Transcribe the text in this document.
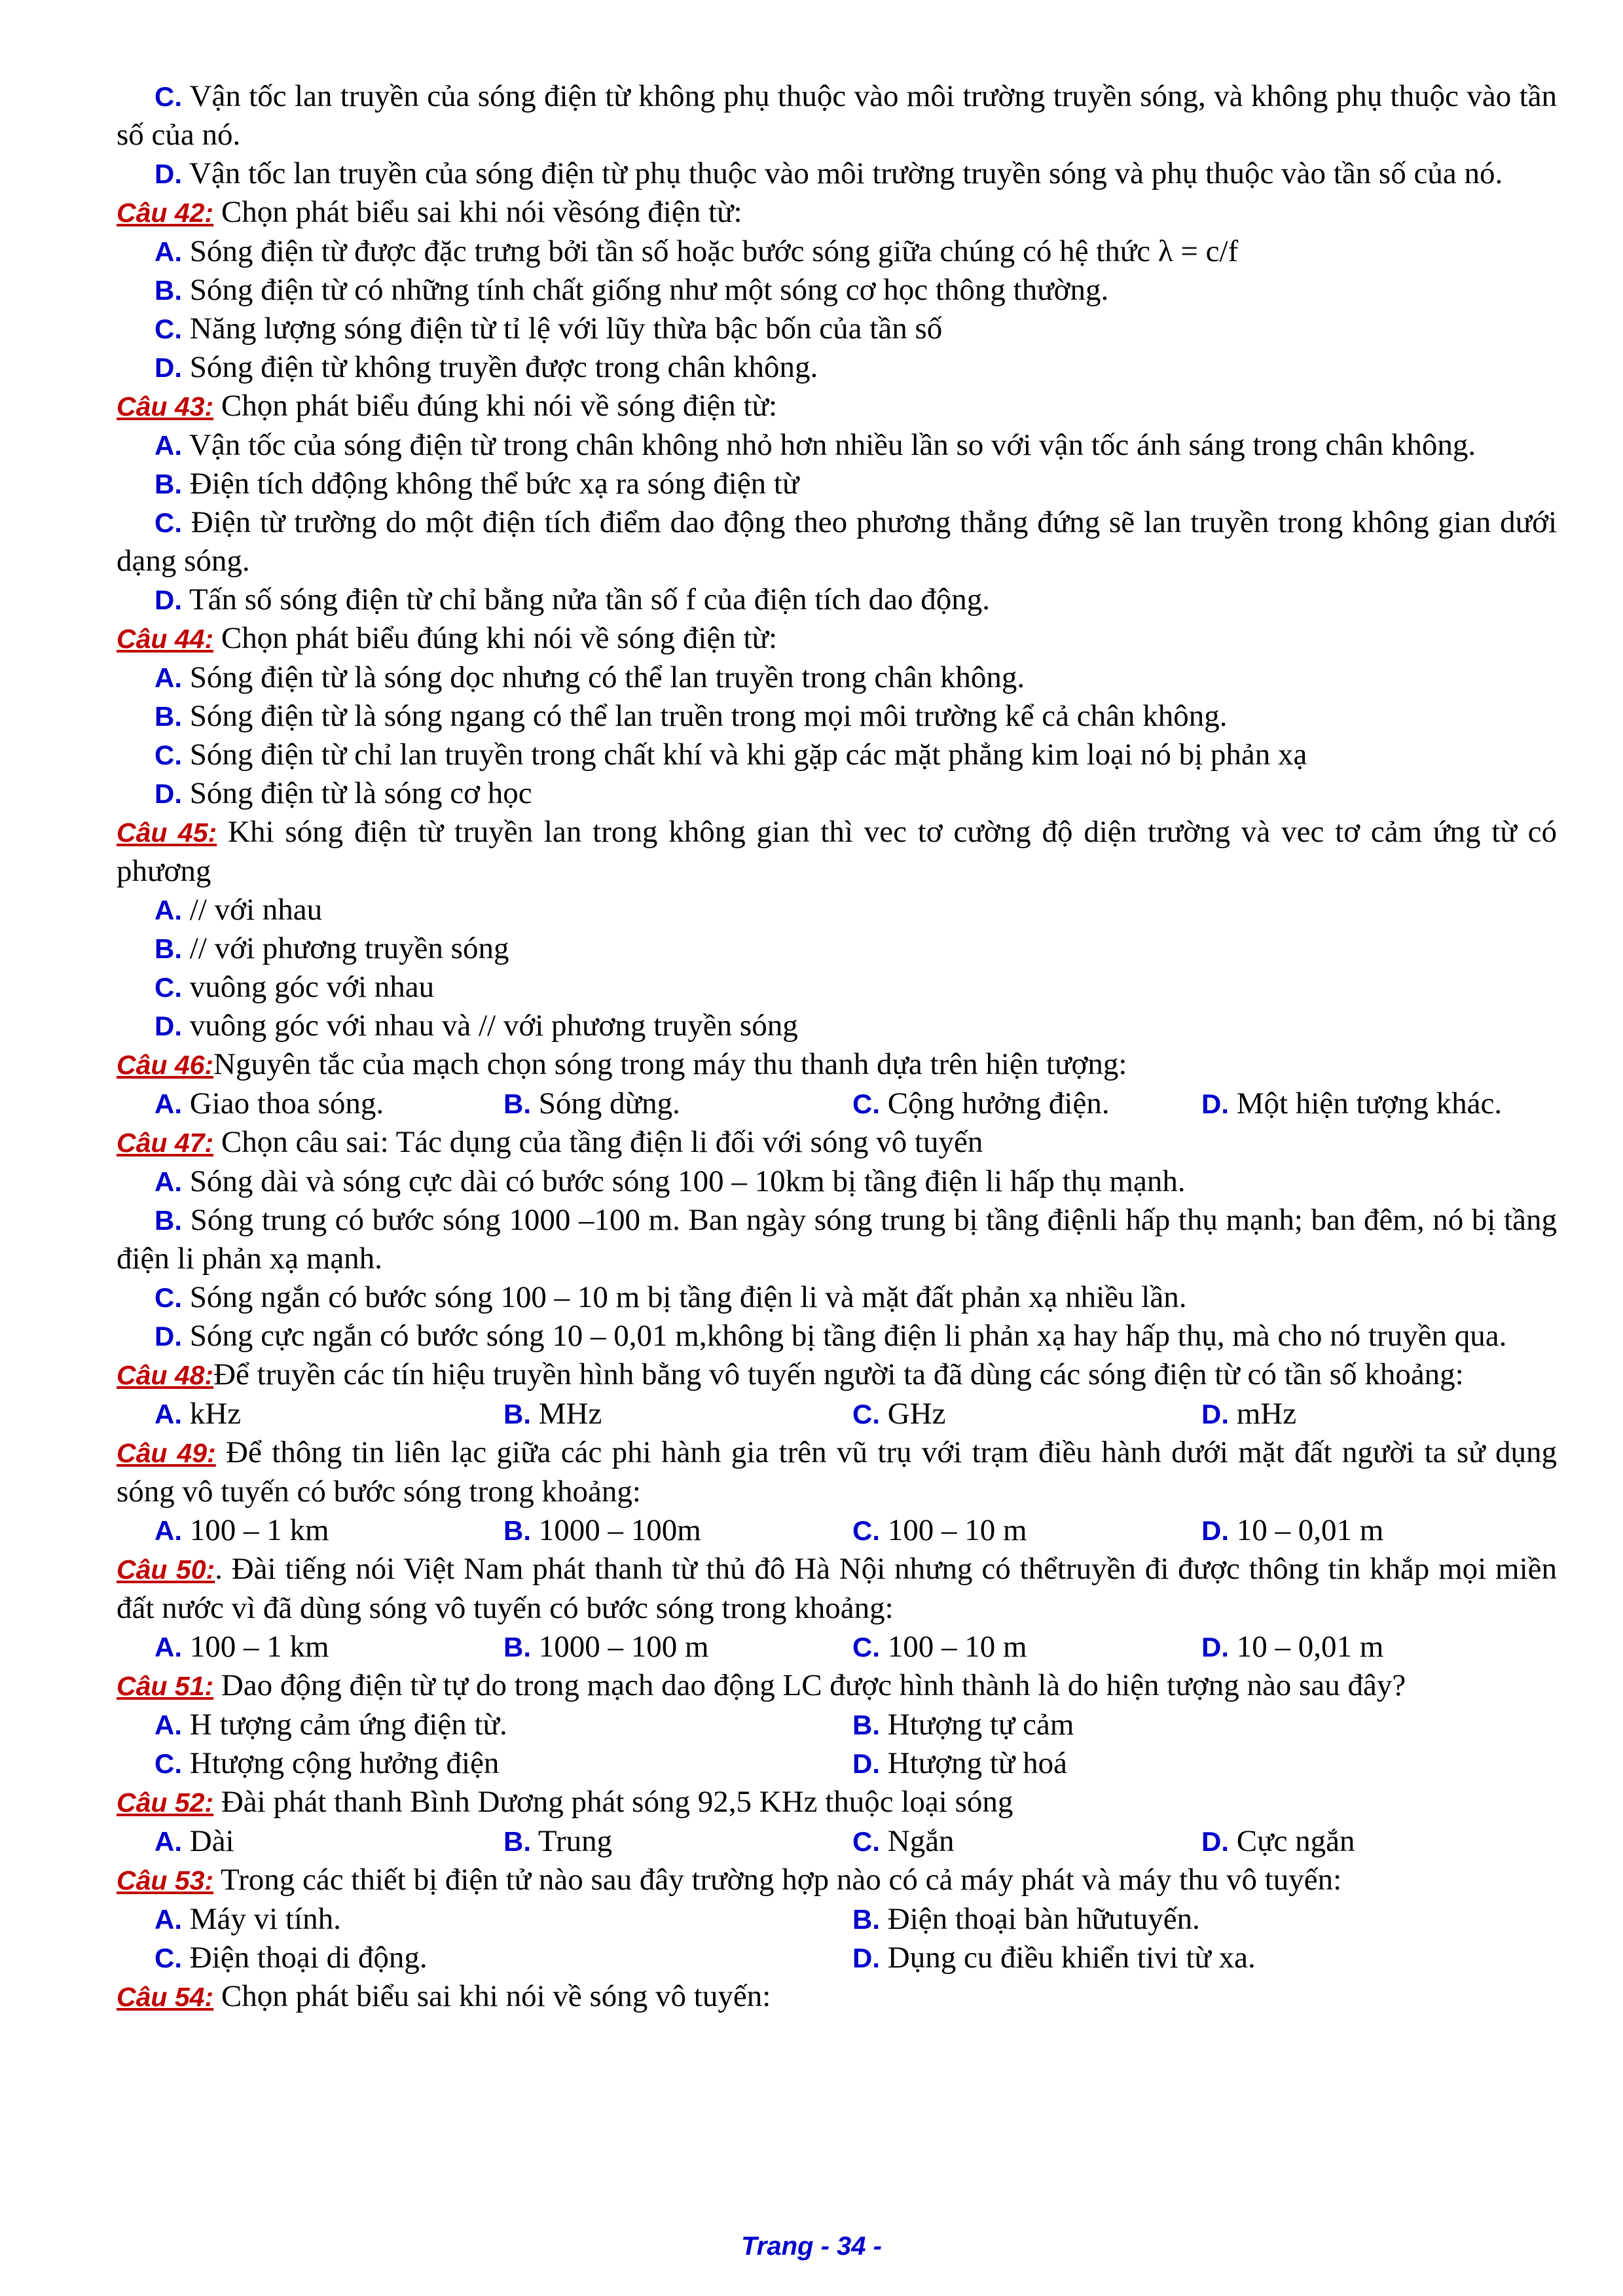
C. Vận tốc lan truyền của sóng điện từ không phụ thuộc vào môi trường truyền sóng, và không phụ thuộc vào tần số của nó.

D. Vận tốc lan truyền của sóng điện từ phụ thuộc vào môi trường truyền sóng và phụ thuộc vào tần số của nó.

Câu 42: Chọn phát biểu sai khi nói vềsóng điện từ:

A. Sóng điện từ được đặc trưng bởi tần số hoặc bước sóng giữa chúng có hệ thức λ = c/f

B. Sóng điện từ có những tính chất giống như một sóng cơ học thông thường.

C. Năng lượng sóng điện từ tỉ lệ với lũy thừa bậc bốn của tần số

D. Sóng điện từ không truyền được trong chân không.

Câu 43: Chọn phát biểu đúng khi nói về sóng điện từ:

A. Vận tốc của sóng điện từ trong chân không nhỏ hơn nhiều lần so với vận tốc ánh sáng trong chân không.

B. Điện tích dđộng không thể bức xạ ra sóng điện từ

C. Điện từ trường do một điện tích điểm dao động theo phương thẳng đứng sẽ lan truyền trong không gian dưới dạng sóng.

D. Tấn số sóng điện từ chỉ bằng nửa tần số f của điện tích dao động.

Câu 44: Chọn phát biểu đúng khi nói về sóng điện từ:

A. Sóng điện từ là sóng dọc nhưng có thể lan truyền trong chân không.

B. Sóng điện từ là sóng ngang có thể lan truền trong mọi môi trường kể cả chân không.

C. Sóng điện từ chỉ lan truyền trong chất khí và khi gặp các mặt phẳng kim loại nó bị phản xạ

D. Sóng điện từ là sóng cơ học

Câu 45: Khi sóng điện từ truyền lan trong không gian thì vec tơ cường độ diện trường và vec tơ cảm ứng từ có phương

A. // với nhau

B. // với phương truyền sóng

C. vuông góc với nhau

D. vuông góc với nhau và // với phương truyền sóng

Câu 46:Nguyên tắc của mạch chọn sóng trong máy thu thanh dựa trên hiện tượng:

A. Giao thoa sóng.	B. Sóng dừng.	C. Cộng hưởng điện.	D. Một hiện tượng khác.

Câu 47: Chọn câu sai: Tác dụng của tầng điện li đối với sóng vô tuyến

A. Sóng dài và sóng cực dài có bước sóng 100 – 10km bị tầng điện li hấp thụ mạnh.

B. Sóng trung có bước sóng 1000 –100 m. Ban ngày sóng trung bị tầng điệnli hấp thụ mạnh; ban đêm, nó bị tầng điện li phản xạ mạnh.

C. Sóng ngắn có bước sóng 100 – 10 m bị tầng điện li và mặt đất phản xạ nhiều lần.

D. Sóng cực ngắn có bước sóng 10 – 0,01 m,không bị tầng điện li phản xạ hay hấp thụ, mà cho nó truyền qua.

Câu 48:Để truyền các tín hiệu truyền hình bằng vô tuyến người ta đã dùng các sóng điện từ có tần số khoảng:

A. kHz	B. MHz	C. GHz	D. mHz

Câu 49: Để thông tin liên lạc giữa các phi hành gia trên vũ trụ với trạm điều hành dưới mặt đất người ta sử dụng sóng vô tuyến có bước sóng trong khoảng:

A. 100 – 1 km	B. 1000 – 100m	C. 100 – 10 m	D. 10 – 0,01 m

Câu 50:. Đài tiếng nói Việt Nam phát thanh từ thủ đô Hà Nội nhưng có thểtruyền đi được thông tin khắp mọi miền đất nước vì đã dùng sóng vô tuyến có bước sóng trong khoảng:

A. 100 – 1 km	B. 1000 – 100 m	C. 100 – 10 m	D. 10 – 0,01 m

Câu 51: Dao động điện từ tự do trong mạch dao động LC được hình thành là do hiện tượng nào sau đây?

A. H tượng cảm ứng điện từ.	B. Htượng tự cảm
C. Htượng cộng hưởng điện	D. Htượng từ hoá

Câu 52: Đài phát thanh Bình Dương phát sóng 92,5 KHz thuộc loại sóng

A. Dài	B. Trung	C. Ngắn	D. Cực ngắn

Câu 53: Trong các thiết bị điện tử nào sau đây trường hợp nào có cả máy phát và máy thu vô tuyến:

A. Máy vi tính.	B. Điện thoại bàn hữutuyến.
C. Điện thoại di động.	D. Dụng cu điều khiển tivi từ xa.

Câu 54: Chọn phát biểu sai khi nói về sóng vô tuyến:

Trang - 34 -
